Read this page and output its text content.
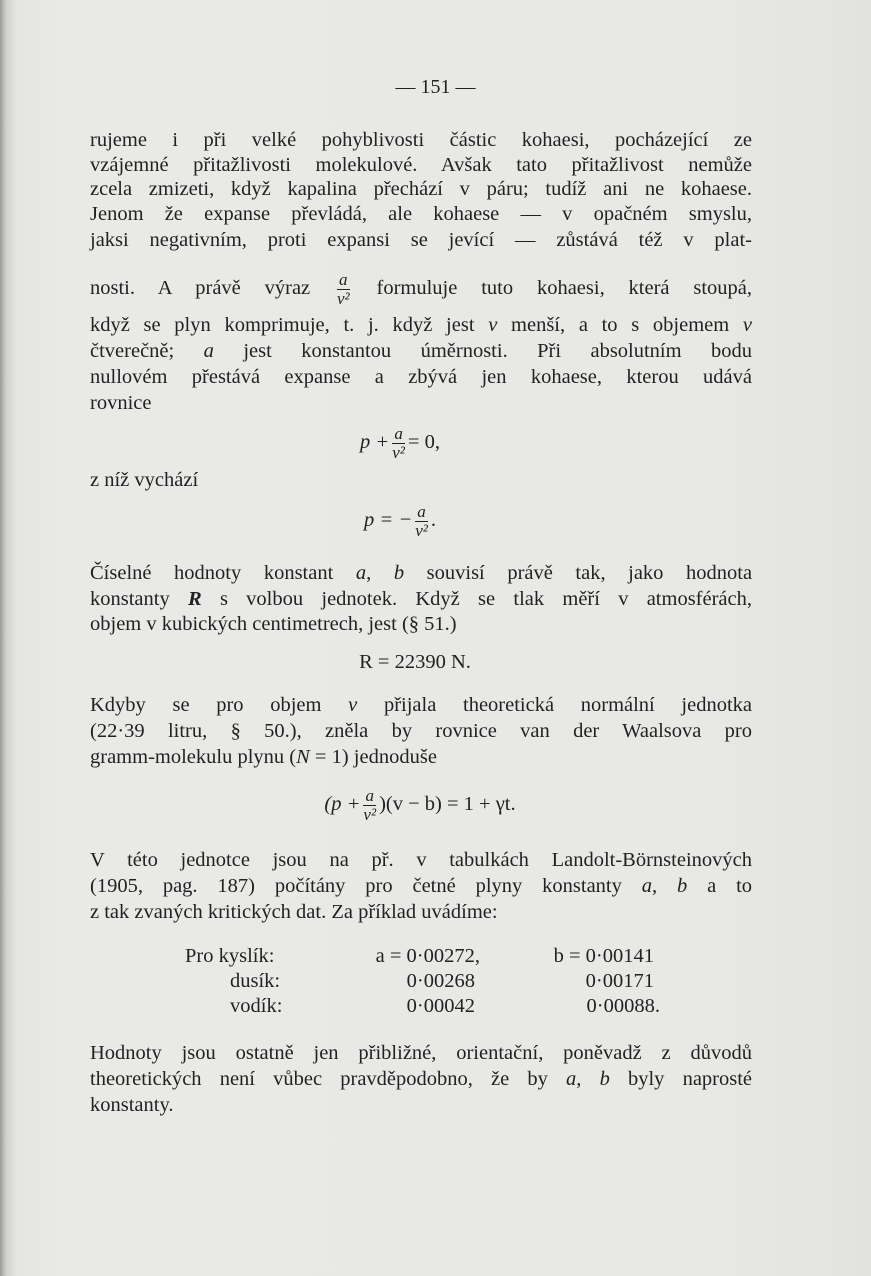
— 151 —
rujeme i při velké pohyblivosti částic kohaesi, pocházející ze
vzájemné přitažlivosti molekulové. Avšak tato přitažlivost nemůže
zcela zmizeti, když kapalina přechází v páru; tudíž ani ne kohaese.
Jenom že expanse převládá, ale kohaese — v opačném smyslu,
jaksi negativním, proti expansi se jevící — zůstává též v plat-
nosti. A právě výraz $\frac{a}{\text{v²}}$ formuluje tuto kohaesi, která stoupá,
když se plyn komprimuje, t. j. když jest v menší, a to s objemem v
čtverečně; a jest konstantou úměrnosti. Při absolutním bodu
nullovém přestává expanse a zbývá jen kohaese, kterou udává
rovnice
$p + \frac{a}{\text{v²}} = 0$,
z níž vychází
p = − $\frac{a}{\text{v²}}$ .
Číselné hodnoty konstant a, b souvisí právě tak, jako hodnota
konstanty R s volbou jednotek. Když se tlak měří v atmosférách,
objem v kubických centimetrech, jest (§ 51.)
R = 22390 N.
Kdyby se pro objem v přijala theoretická normální jednotka
(22·39 litru, § 50.), zněla by rovnice van der Waalsova pro
gramm-molekulu plynu (N = 1) jednoduše
$(p + \frac{a}{\text{v²}} )(v - b) = 1 + \gamma t$.
V této jednotce jsou na př. v tabulkách Landolt-Börnsteinových
(1905, pag. 187) počítány pro četné plyny konstanty a, b a to
z tak zvaných kritických dat. Za příklad uvádíme:
Pro kyslík:	a = 0·00272,	b = 0·00141
dusík:	0·00268	0·00171
vodík:	0·00042	0·00088.
Hodnoty jsou ostatně jen přibližné, orientační, poněvadž z důvodů
theoretických není vůbec pravděpodobno, že by a, b byly naprosté
konstanty.
